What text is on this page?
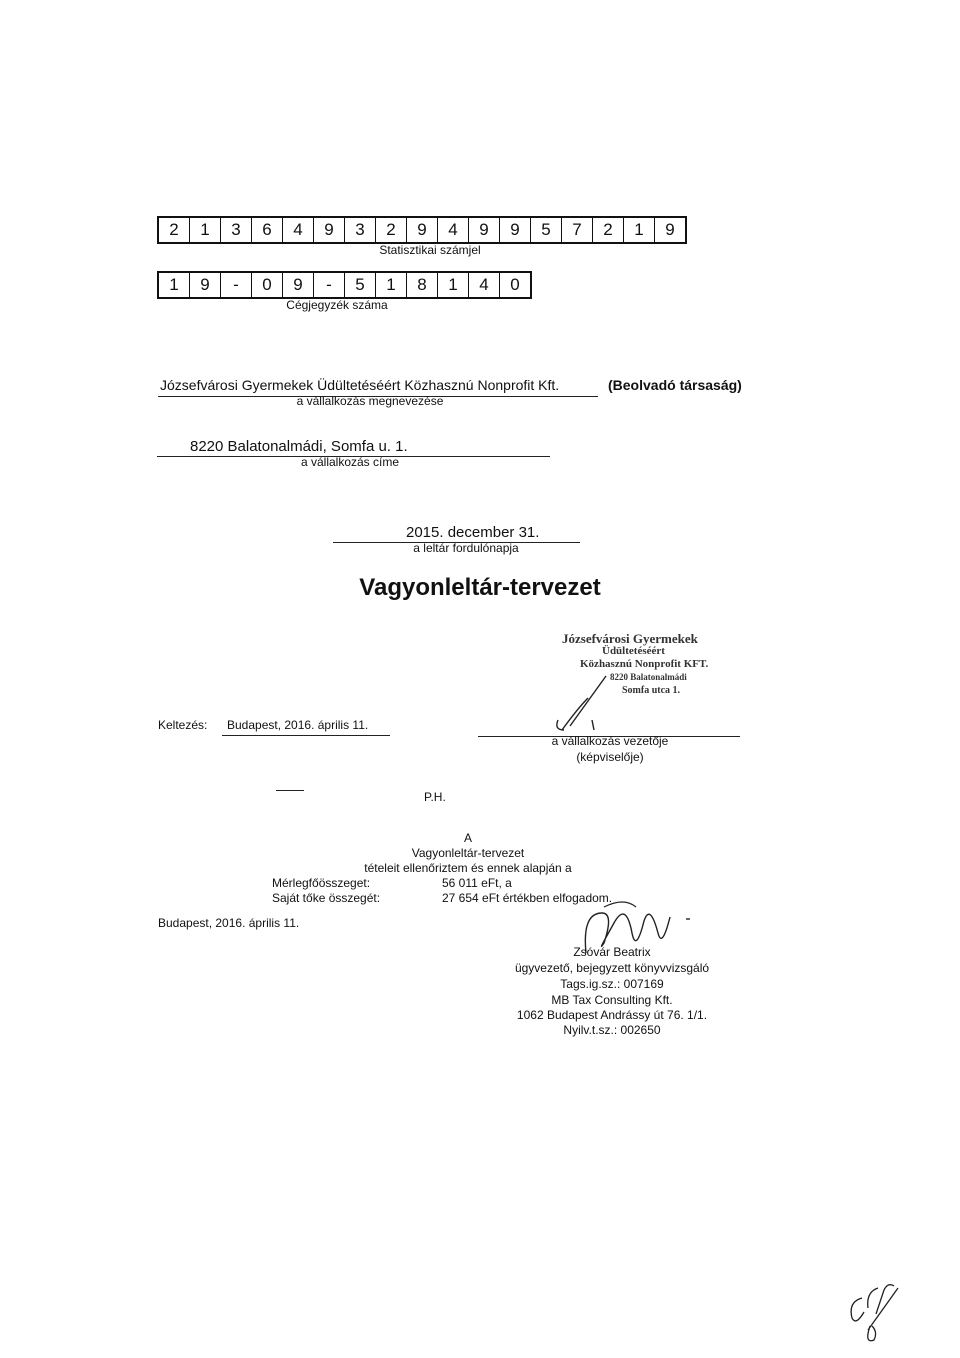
2	1	3	6	4	9	3	2	9	4	9	9	5	7	2	1	9
Statisztikai számjel
1	9	-	0	9	-	5	1	8	1	4	0
Cégjegyzék száma
Józsefvárosi Gyermekek Üdültetéséért Közhasznú Nonprofit Kft.	(Beolvadó társaság)
a vállalkozás megnevezése
8220 Balatonalmádi, Somfa u. 1.
a vállalkozás címe
2015. december 31.
a leltár fordulónapja
Vagyonleltár-tervezet
Józsefvárosi Gyermekek
Üdültetéséért
Közhasznú Nonprofit KFT.
8220 Balatonalmádi
Somfa utca 1.
Keltezés: Budapest, 2016. április 11.
a vállalkozás vezetője
(képviselője)
P.H.
A
Vagyonleltár-tervezet
tételeit ellenőriztem és ennek alapján a
Mérlegfőösszeget:	56 011 eFt, a
Saját tőke összegét:	27 654 eFt értékben elfogadom.
Budapest, 2016. április 11.
Zsóvár Beatrix
ügyvezető, bejegyzett könyvvizsgáló
Tags.ig.sz.: 007169
MB Tax Consulting Kft.
1062 Budapest Andrássy út 76. 1/1.
Nyilv.t.sz.: 002650
